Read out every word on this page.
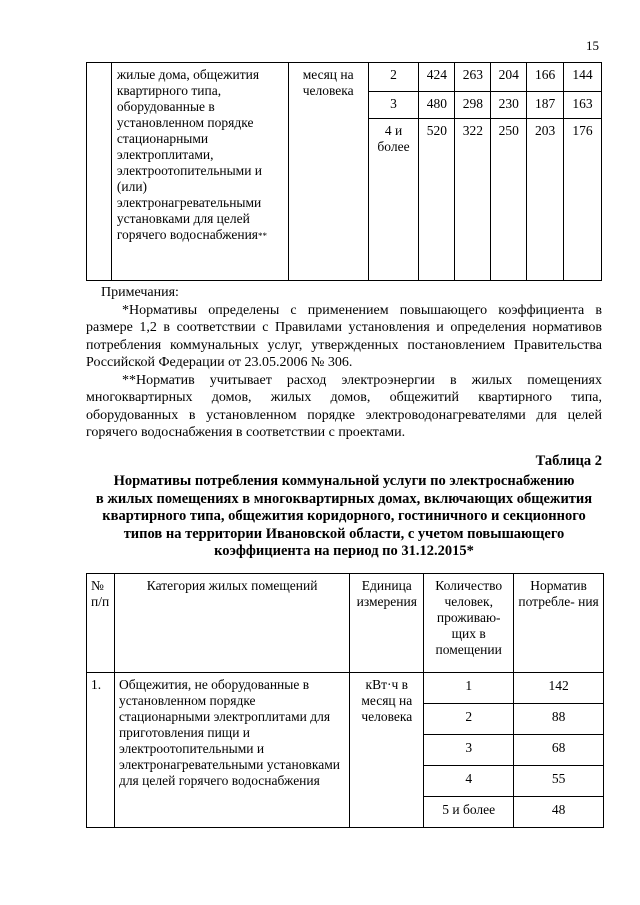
15
	жилые дома, общежития квартирного типа, оборудованные в установленном порядке стационарными электроплитами, электроотопительными и (или) электронагревательными установками для целей горячего водоснабжения**	месяц на человека	2	424	263	204	166	144
			3	480	298	230	187	163
			4 и более	520	322	250	203	176
Примечания:

*Нормативы определены с применением повышающего коэффициента в размере 1,2 в соответствии с Правилами установления и определения нормативов потребления коммунальных услуг, утвержденных постановлением Правительства Российской Федерации от 23.05.2006 № 306.

**Норматив учитывает расход электроэнергии в жилых помещениях многоквартирных домов, жилых домов, общежитий квартирного типа, оборудованных в установленном порядке электроводонагревателями для целей горячего водоснабжения в соответствии с проектами.

Таблица 2
Нормативы потребления коммунальной услуги по электроснабжению
в жилых помещениях в многоквартирных домах, включающих общежития
квартирного типа, общежития коридорного, гостиничного и секционного
типов на территории Ивановской области, с учетом повышающего
коэффициента на период по 31.12.2015*
№ п/п	Категория жилых помещений	Единица измерения	Количество человек, проживаю- щих в помещении	Норматив потребле- ния
1.	Общежития, не оборудованные в установленном порядке стационарными электроплитами для приготовления пищи и электроотопительными и электронагревательными установками для целей горячего водоснабжения	кВт·ч в месяц на человека	1	142
			2	88
			3	68
			4	55
			5 и более	48
